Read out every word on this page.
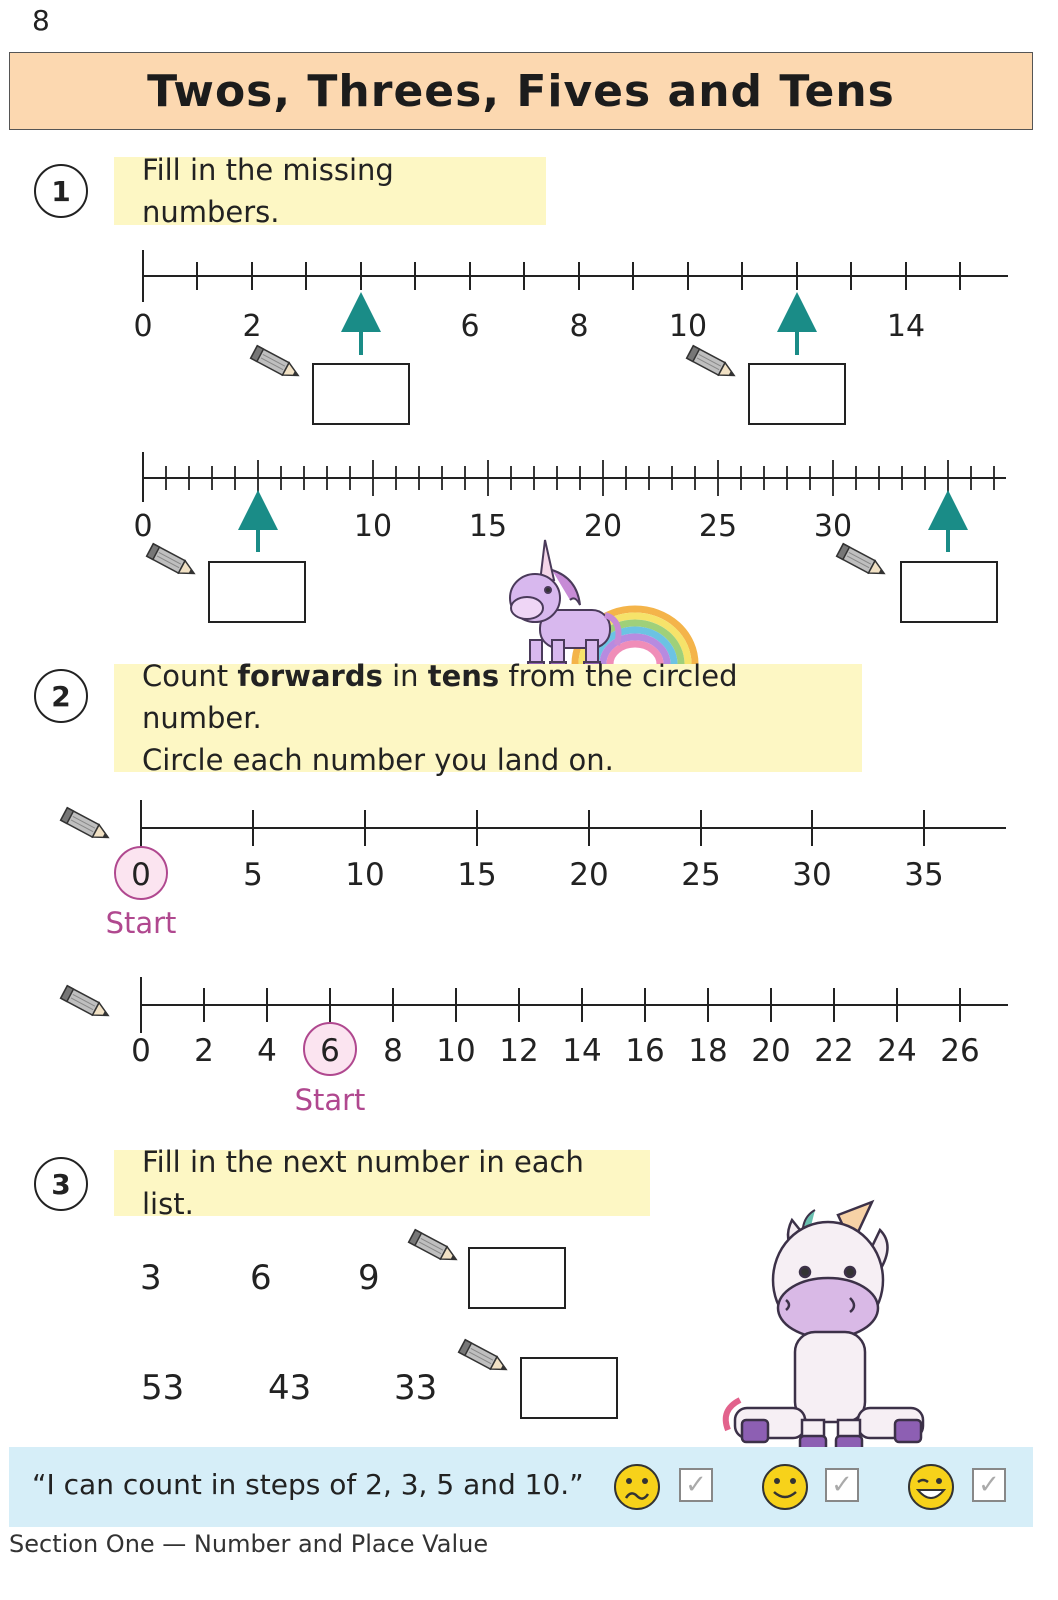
8
Twos, Threes, Fives and Tens
1
Fill in the missing numbers.
0	2	6	8	10	14
0	10	15	20	25	30
0	5	10 15 20 25 30 35
Start
0 2 4 6 8 10 12 14 16 18 20 22 24 26
Start
2
Count forwards in tens from the circled number.
Circle each number you land on.
3
Fill in the next number in each list.
3	6	9
53 43 33
“I can count in steps of 2, 3, 5 and 10.”	✓	✓	✓
Section One — Number and Place Value
